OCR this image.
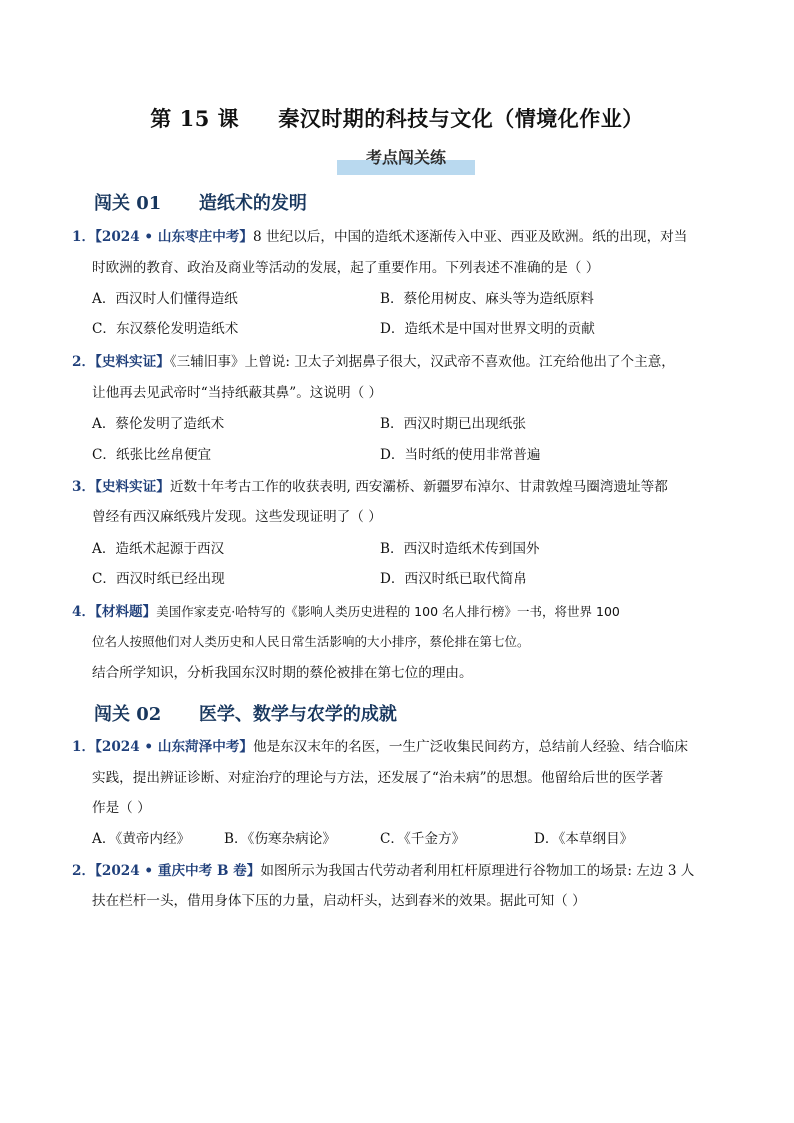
第 15 课     秦汉时期的科技与文化（情境化作业）
考点闯关练
闯关 01      造纸术的发明
1．【2024 • 山东枣庄中考】8 世纪以后，中国的造纸术逐渐传入中亚、西亚及欧洲。纸的出现，对当
时欧洲的教育、政治及商业等活动的发展，起了重要作用。下列表述不准确的是（ ）
A．西汉时人们懂得造纸	B．蔡伦用树皮、麻头等为造纸原料
C．东汉蔡伦发明造纸术	D．造纸术是中国对世界文明的贡献
2．【史料实证】《三辅旧事》上曾说: 卫太子刘据鼻子很大，汉武帝不喜欢他。江充给他出了个主意，
让他再去见武帝时“当持纸蔽其鼻”。这说明（ ）
A．蔡伦发明了造纸术	B．西汉时期已出现纸张
C．纸张比丝帛便宜	D．当时纸的使用非常普遍
3．【史料实证】近数十年考古工作的收获表明, 西安灞桥、新疆罗布淖尔、甘肃敦煌马圈湾遗址等都
曾经有西汉麻纸残片发现。这些发现证明了（ ）
A．造纸术起源于西汉	B．西汉时造纸术传到国外
C．西汉时纸已经出现	D．西汉时纸已取代简帛
4．【材料题】美国作家麦克·哈特写的《影响人类历史进程的 100 名人排行榜》一书，将世界 100
位名人按照他们对人类历史和人民日常生活影响的大小排序，蔡伦排在第七位。
结合所学知识，分析我国东汉时期的蔡伦被排在第七位的理由。
闯关 02      医学、数学与农学的成就
1．【2024 • 山东菏泽中考】他是东汉末年的名医，一生广泛收集民间药方，总结前人经验、结合临床
实践，提出辨证诊断、对症治疗的理论与方法，还发展了“治未病”的思想。他留给后世的医学著
作是（ ）
A．《黄帝内经》 B．《伤寒杂病论》	C．《千金方》	D．《本草纲目》
2．【2024 • 重庆中考 B 卷】如图所示为我国古代劳动者利用杠杆原理进行谷物加工的场景: 左边 3 人
扶在栏杆一头，借用身体下压的力量，启动杆头，达到舂米的效果。据此可知（ ）
